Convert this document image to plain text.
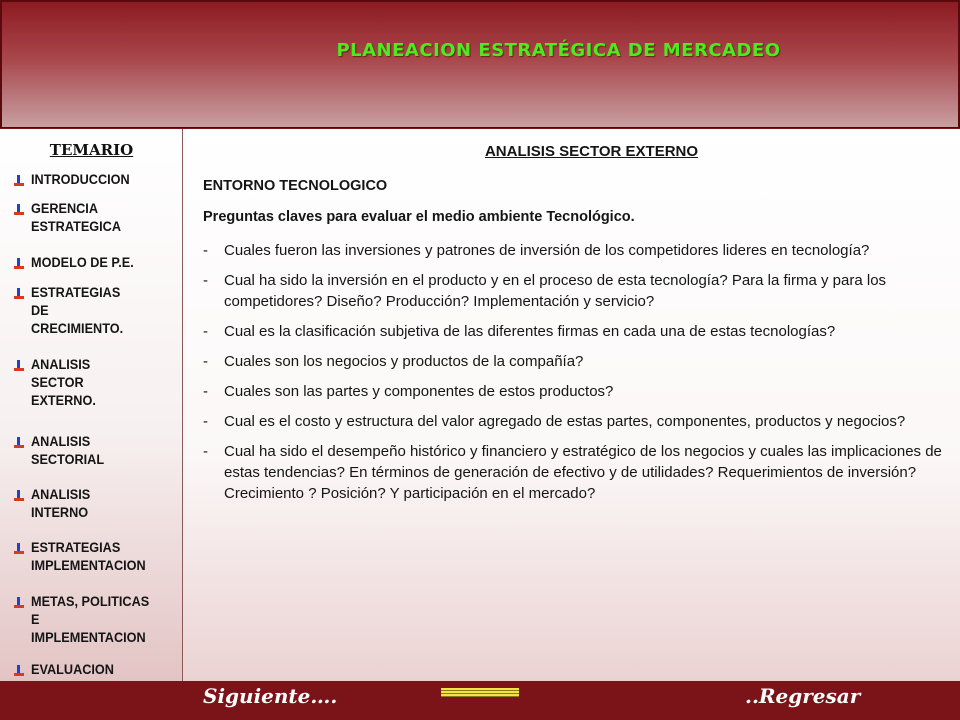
PLANEACION ESTRATÉGICA DE MERCADEO
TEMARIO
INTRODUCCION
GERENCIA
ESTRATEGICA
MODELO DE P.E.
ESTRATEGIAS
DE
CRECIMIENTO.
ANALISIS
SECTOR
EXTERNO.
ANALISIS
SECTORIAL
ANALISIS
INTERNO
ESTRATEGIAS
IMPLEMENTACION
METAS, POLITICAS
E
IMPLEMENTACION
EVALUACION
ANALISIS SECTOR EXTERNO
ENTORNO TECNOLOGICO
Preguntas claves para evaluar el medio ambiente Tecnológico.
- Cuales fueron las inversiones y patrones de inversión de los competidores lideres en tecnología?
- Cual ha sido la inversión en el producto y en el proceso de esta tecnología? Para la firma y para los competidores? Diseño? Producción? Implementación y servicio?
- Cual es la clasificación subjetiva de las diferentes firmas en cada una de estas tecnologías?
- Cuales son los negocios y productos de la compañía?
- Cuales son las partes y componentes de estos productos?
- Cual es el costo y estructura del valor agregado de estas partes, componentes, productos y negocios?
- Cual ha sido el desempeño histórico y financiero y estratégico de los negocios y cuales las implicaciones de estas tendencias? En términos de generación de efectivo y de utilidades? Requerimientos de inversión? Crecimiento ? Posición? Y participación en el mercado?
Siguiente….	..Regresar
